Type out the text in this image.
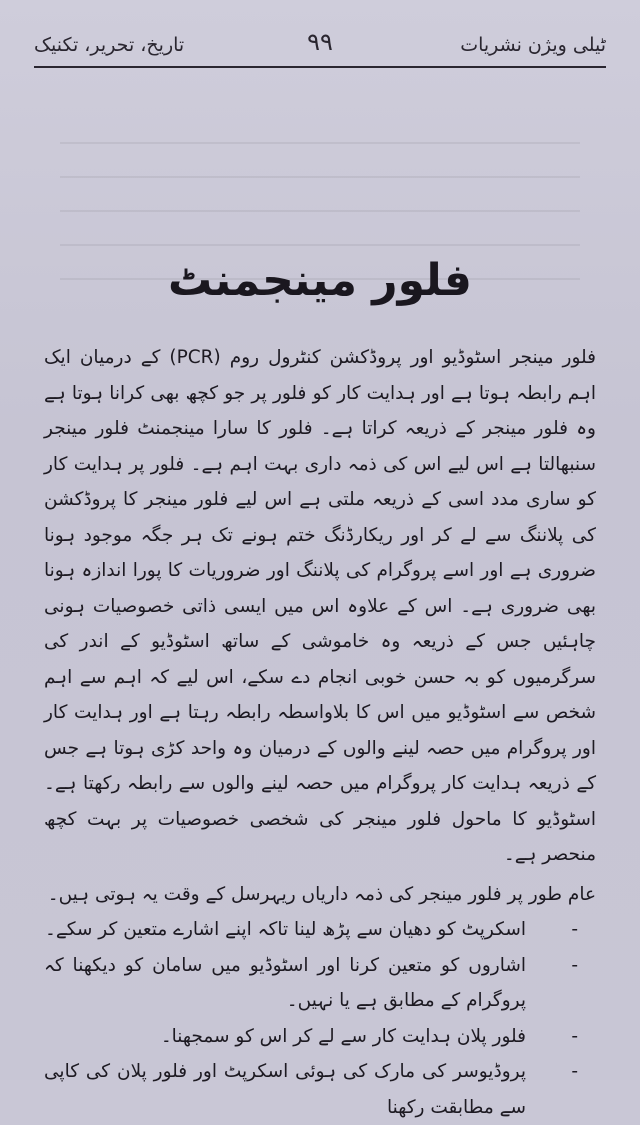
ٹیلی ویژن نشریات
۹۹
تاریخ، تحریر، تکنیک
فلور مینجمنٹ

فلور مینجر اسٹوڈیو اور پروڈکشن کنٹرول روم (PCR) کے درمیان ایک اہم رابطہ ہوتا ہے اور ہدایت کار کو فلور پر جو کچھ بھی کرانا ہوتا ہے وہ فلور مینجر کے ذریعہ کراتا ہے۔ فلور کا سارا مینجمنٹ فلور مینجر سنبھالتا ہے اس لیے اس کی ذمہ داری بہت اہم ہے۔ فلور پر ہدایت کار کو ساری مدد اسی کے ذریعہ ملتی ہے اس لیے فلور مینجر کا پروڈکشن کی پلاننگ سے لے کر اور ریکارڈنگ ختم ہونے تک ہر جگہ موجود ہونا ضروری ہے اور اسے پروگرام کی پلاننگ اور ضروریات کا پورا اندازہ ہونا بھی ضروری ہے۔ اس کے علاوہ اس میں ایسی ذاتی خصوصیات ہونی چاہئیں جس کے ذریعہ وہ خاموشی کے ساتھ اسٹوڈیو کے اندر کی سرگرمیوں کو بہ حسن خوبی انجام دے سکے، اس لیے کہ اہم سے اہم شخص سے اسٹوڈیو میں اس کا بلاواسطہ رابطہ رہتا ہے اور ہدایت کار اور پروگرام میں حصہ لینے والوں کے درمیان وہ واحد کڑی ہوتا ہے جس کے ذریعہ ہدایت کار پروگرام میں حصہ لینے والوں سے رابطہ رکھتا ہے۔ اسٹوڈیو کا ماحول فلور مینجر کی شخصی خصوصیات پر بہت کچھ منحصر ہے۔

عام طور پر فلور مینجر کی ذمہ داریاں ریہرسل کے وقت یہ ہوتی ہیں۔

-
اسکرپٹ کو دھیان سے پڑھ لینا تاکہ اپنے اشارے متعین کر سکے۔
-
اشاروں کو متعین کرنا اور اسٹوڈیو میں سامان کو دیکھنا کہ پروگرام کے مطابق ہے یا نہیں۔
-
فلور پلان ہدایت کار سے لے کر اس کو سمجھنا۔
-
پروڈیوسر کی مارک کی ہوئی اسکرپٹ اور فلور پلان کی کاپی سے مطابقت رکھنا
